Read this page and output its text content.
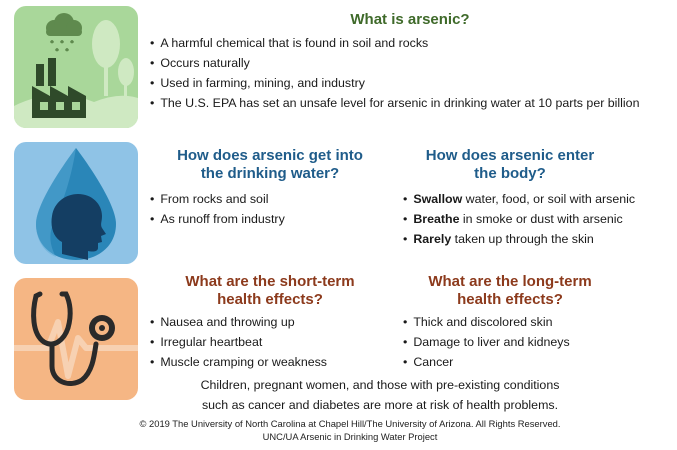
What is arsenic?
• A harmful chemical that is found in soil and rocks
• Occurs naturally
• Used in farming, mining, and industry
• The U.S. EPA has set an unsafe level for arsenic in drinking water at 10 parts per billion
How does arsenic get into
the drinking water?
• From rocks and soil
• As runoff from industry
How does arsenic enter
the body?
• Swallow water, food, or soil with arsenic
• Breathe in smoke or dust with arsenic
• Rarely taken up through the skin
What are the short-term
health effects?
• Nausea and throwing up
• Irregular heartbeat
• Muscle cramping or weakness
What are the long-term
health effects?
• Thick and discolored skin
• Damage to liver and kidneys
• Cancer
Children, pregnant women, and those with pre-existing conditions
such as cancer and diabetes are more at risk of health problems.
© 2019 The University of North Carolina at Chapel Hill/The University of Arizona. All Rights Reserved.
UNC/UA Arsenic in Drinking Water Project
